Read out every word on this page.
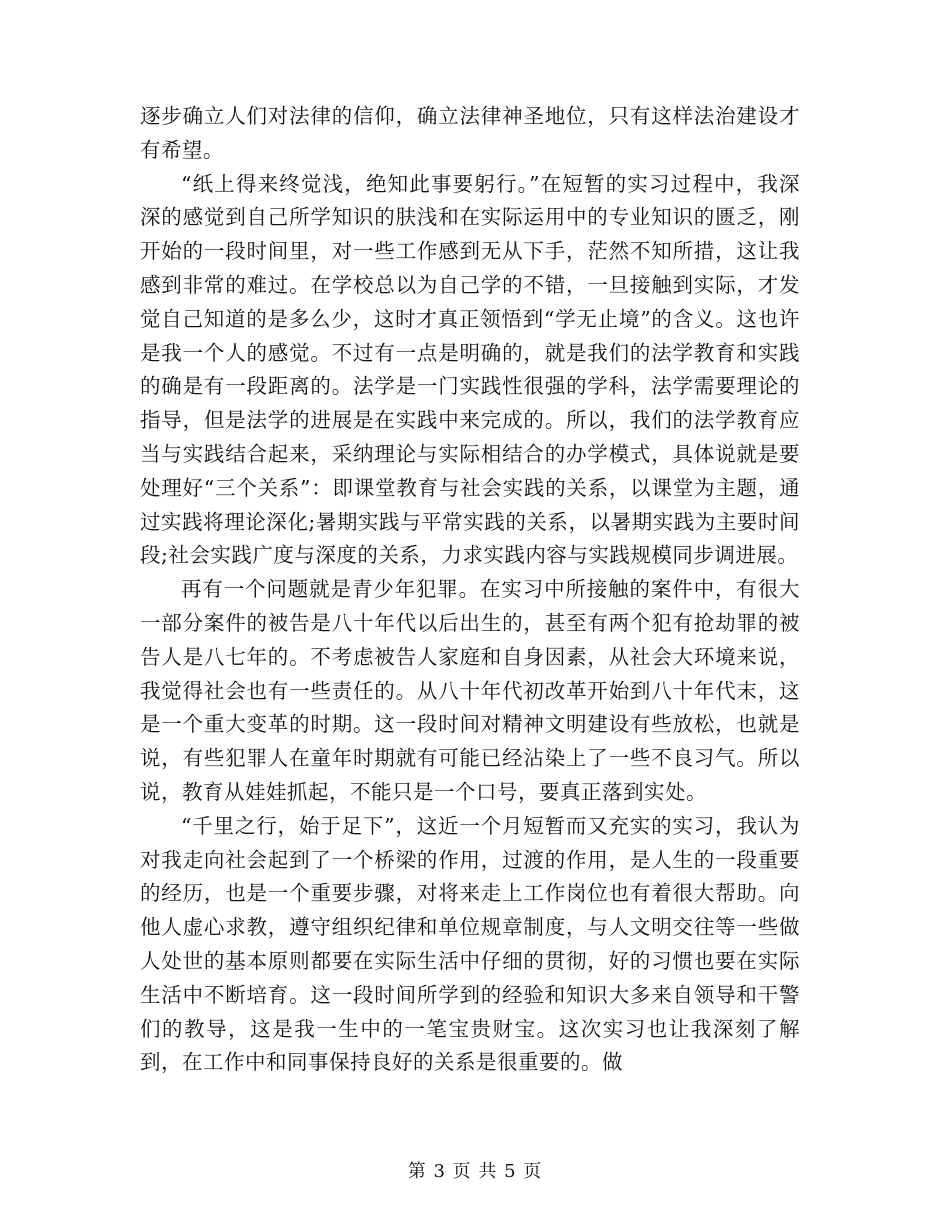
逐步确立人们对法律的信仰，确立法律神圣地位，只有这样法治建设才有希望。

“纸上得来终觉浅，绝知此事要躬行。”在短暂的实习过程中，我深深的感觉到自己所学知识的肤浅和在实际运用中的专业知识的匮乏，刚开始的一段时间里，对一些工作感到无从下手，茫然不知所措，这让我感到非常的难过。在学校总以为自己学的不错，一旦接触到实际，才发觉自己知道的是多么少，这时才真正领悟到“学无止境”的含义。这也许是我一个人的感觉。不过有一点是明确的，就是我们的法学教育和实践的确是有一段距离的。法学是一门实践性很强的学科，法学需要理论的指导，但是法学的进展是在实践中来完成的。所以，我们的法学教育应当与实践结合起来，采纳理论与实际相结合的办学模式，具体说就是要处理好“三个关系”：即课堂教育与社会实践的关系，以课堂为主题，通过实践将理论深化;暑期实践与平常实践的关系，以暑期实践为主要时间段;社会实践广度与深度的关系，力求实践内容与实践规模同步调进展。

再有一个问题就是青少年犯罪。在实习中所接触的案件中，有很大一部分案件的被告是八十年代以后出生的，甚至有两个犯有抢劫罪的被告人是八七年的。不考虑被告人家庭和自身因素，从社会大环境来说，我觉得社会也有一些责任的。从八十年代初改革开始到八十年代末，这是一个重大变革的时期。这一段时间对精神文明建设有些放松，也就是说，有些犯罪人在童年时期就有可能已经沾染上了一些不良习气。所以说，教育从娃娃抓起，不能只是一个口号，要真正落到实处。

“千里之行，始于足下”，这近一个月短暂而又充实的实习，我认为对我走向社会起到了一个桥梁的作用，过渡的作用，是人生的一段重要的经历，也是一个重要步骤，对将来走上工作岗位也有着很大帮助。向他人虚心求教，遵守组织纪律和单位规章制度，与人文明交往等一些做人处世的基本原则都要在实际生活中仔细的贯彻，好的习惯也要在实际生活中不断培育。这一段时间所学到的经验和知识大多来自领导和干警们的教导，这是我一生中的一笔宝贵财宝。这次实习也让我深刻了解到，在工作中和同事保持良好的关系是很重要的。做

第 3 页 共 5 页
